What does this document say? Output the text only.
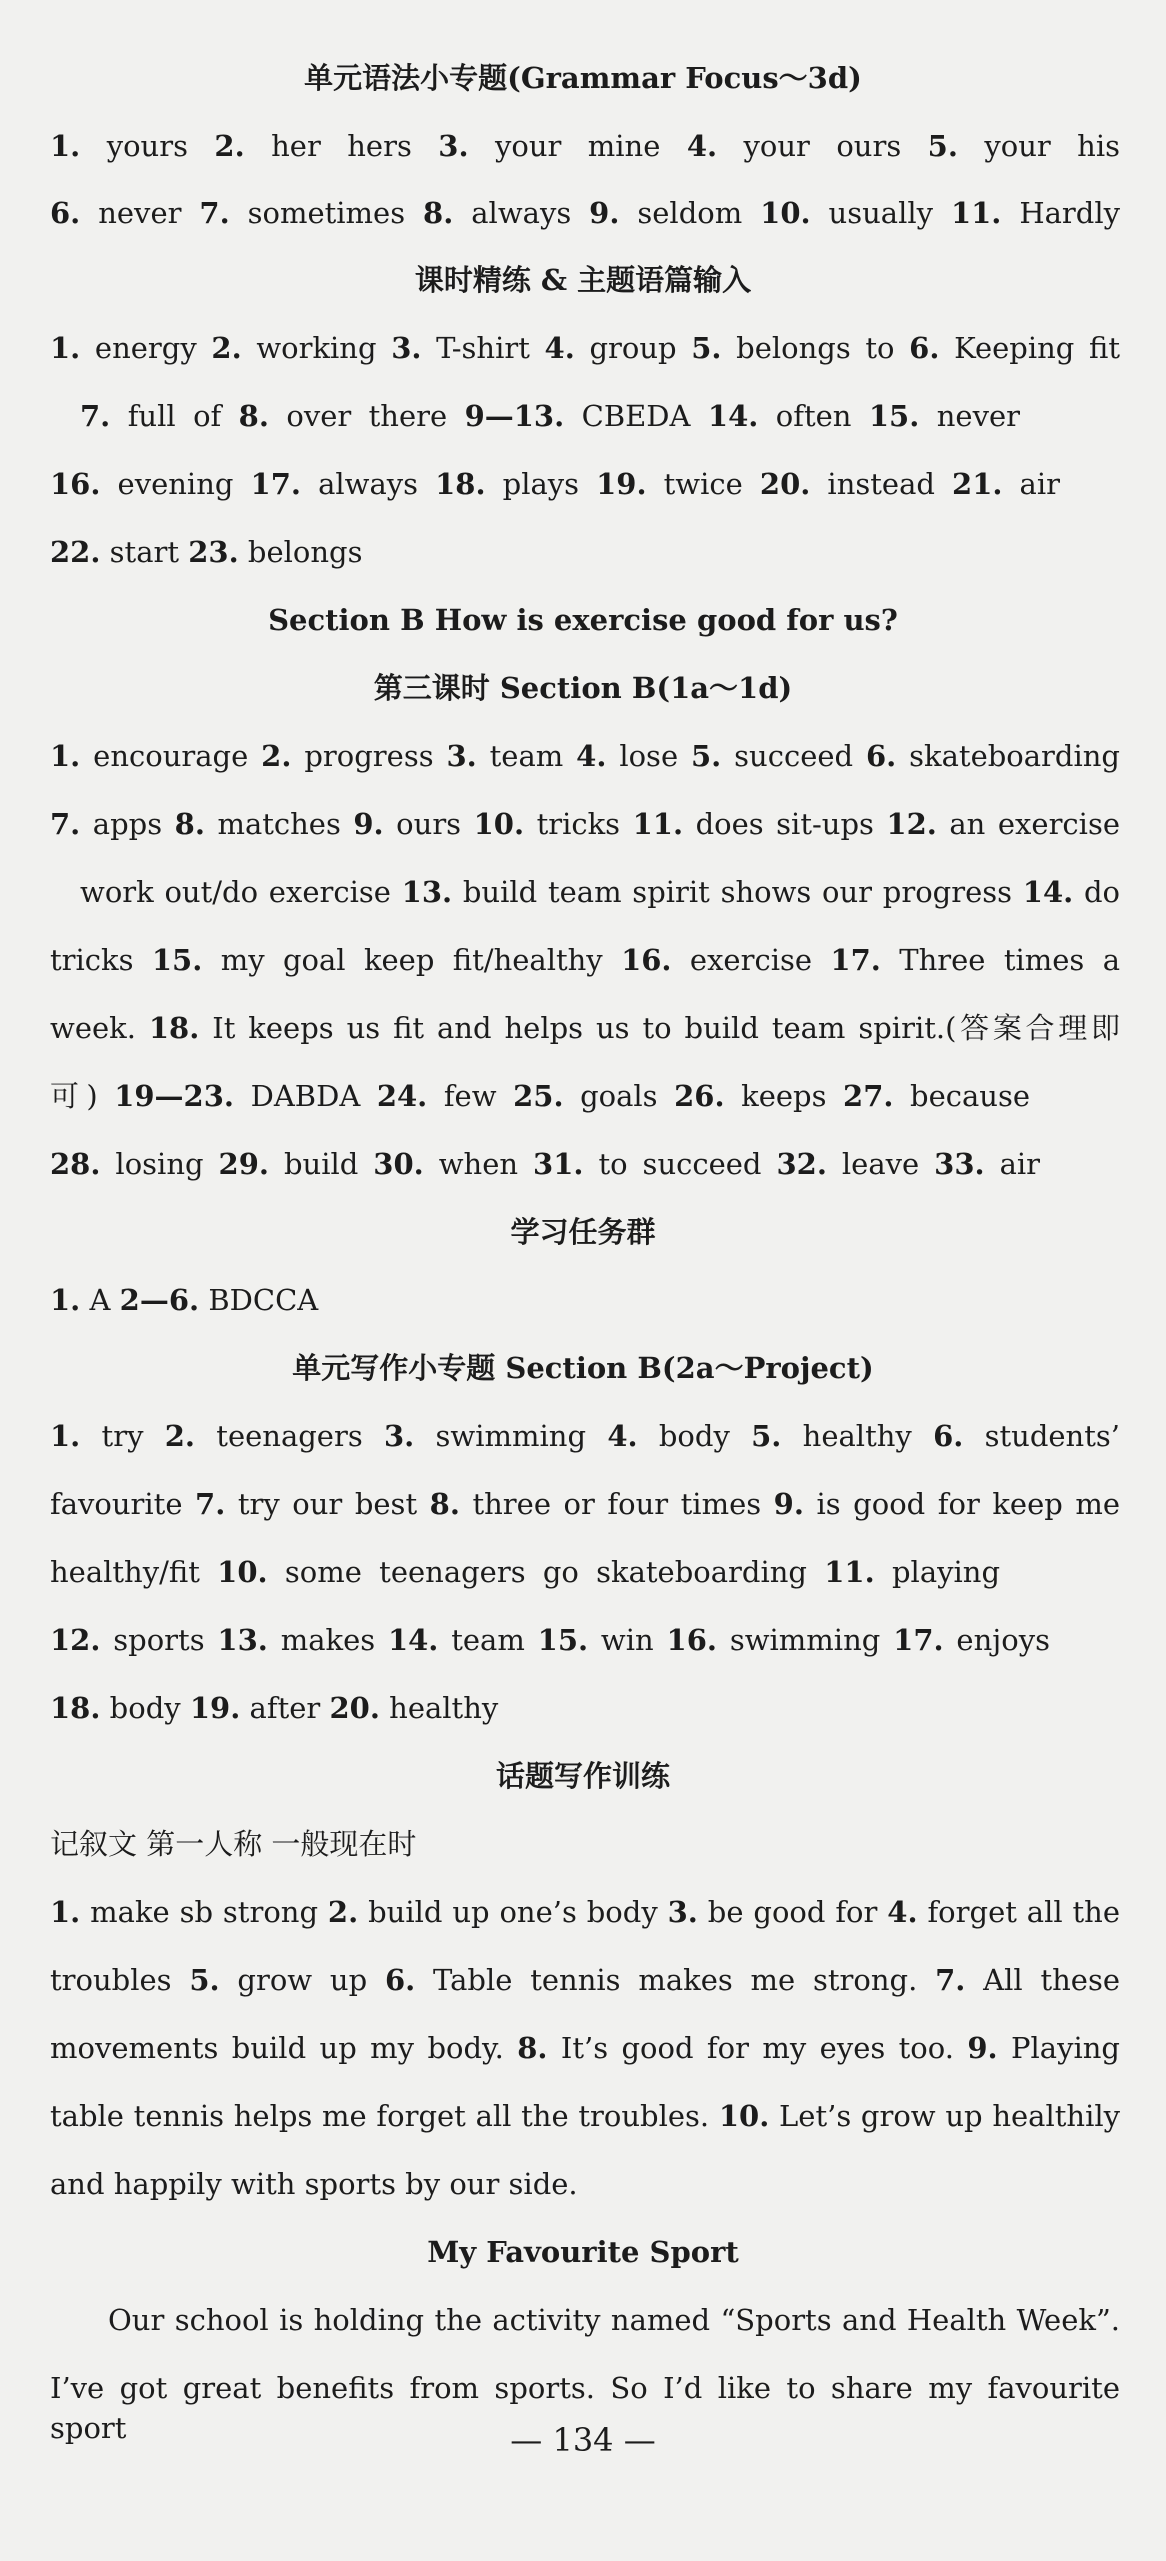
单元语法小专题(Grammar Focus～3d)
1. yours 2. her hers 3. your mine 4. your ours 5. your his
6. never 7. sometimes 8. always 9. seldom 10. usually 11. Hardly
课时精练 & 主题语篇输入
1. energy 2. working 3. T-shirt 4. group 5. belongs to 6. Keeping fit
7. full of 8. over there 9—13. CBEDA 14. often 15. never
16. evening 17. always 18. plays 19. twice 20. instead 21. air
22. start 23. belongs
Section B How is exercise good for us?
第三课时 Section B(1a～1d)
1. encourage 2. progress 3. team 4. lose 5. succeed 6. skateboarding
7. apps 8. matches 9. ours 10. tricks 11. does sit-ups 12. an exercise
work out/do exercise 13. build team spirit shows our progress 14. do
tricks 15. my goal keep fit/healthy 16. exercise 17. Three times a
week. 18. It keeps us fit and helps us to build team spirit.(答案合理即
可) 19—23. DABDA 24. few 25. goals 26. keeps 27. because
28. losing 29. build 30. when 31. to succeed 32. leave 33. air
学习任务群
1. A 2—6. BDCCA
单元写作小专题 Section B(2a～Project)
1. try 2. teenagers 3. swimming 4. body 5. healthy 6. students’
favourite 7. try our best 8. three or four times 9. is good for keep me
healthy/fit 10. some teenagers go skateboarding 11. playing
12. sports 13. makes 14. team 15. win 16. swimming 17. enjoys
18. body 19. after 20. healthy
话题写作训练
记叙文 第一人称 一般现在时
1. make sb strong 2. build up one’s body 3. be good for 4. forget all the
troubles 5. grow up 6. Table tennis makes me strong. 7. All these
movements build up my body. 8. It’s good for my eyes too. 9. Playing
table tennis helps me forget all the troubles. 10. Let’s grow up healthily
and happily with sports by our side.
My Favourite Sport
Our school is holding the activity named “Sports and Health Week”.
I’ve got great benefits from sports. So I’d like to share my favourite sport	— 134 —
